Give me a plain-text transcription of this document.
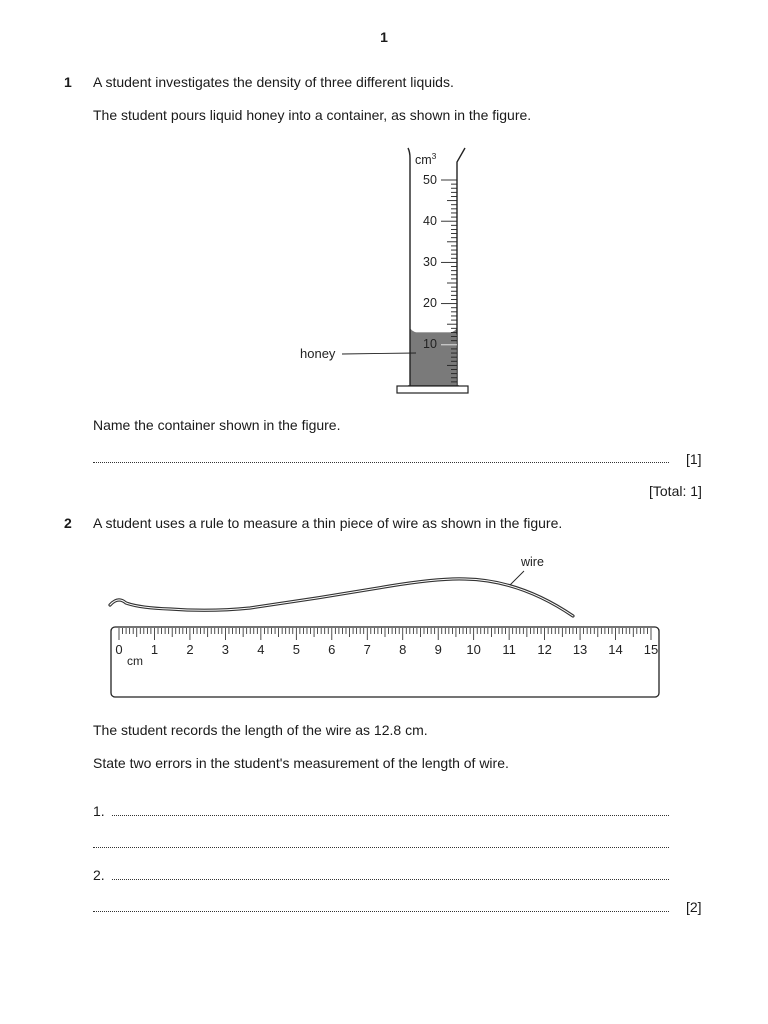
1
1 A student investigates the density of three different liquids.
The student pours liquid honey into a container, as shown in the figure.
$cm^3$
50
40
30
20
10
honey
Name the container shown in the figure.
[1]
[Total: 1]
2 A student uses a rule to measure a thin piece of wire as shown in the figure.
wire
0 1 2 3 4 5 6 7 8 9 10 11 12 13 14 15
cm
The student records the length of the wire as 12.8 cm.
State two errors in the student's measurement of the length of wire.
1.
2.
[2]
